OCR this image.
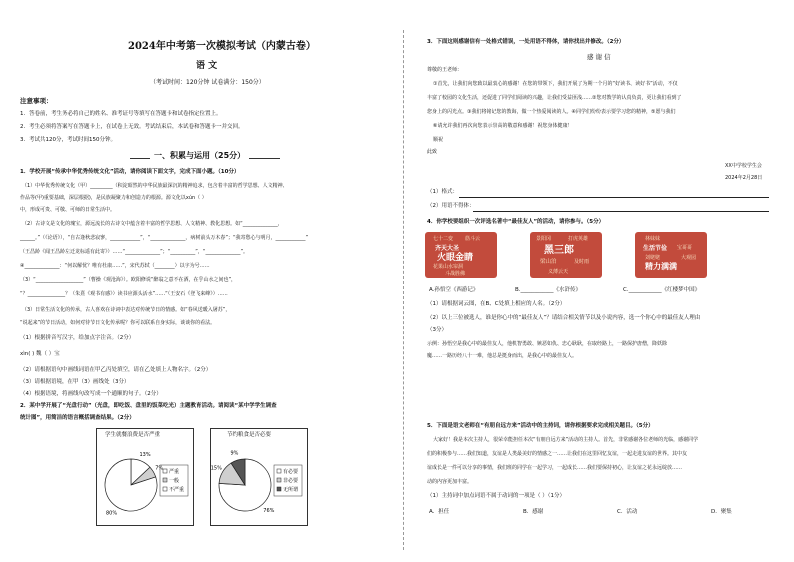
2024年中考第一次模拟考试（内蒙古卷）
语 文
（考试时间：120分钟 试卷满分：150分）
注意事项：
1．答卷前，考生务必将自己的姓名、准考证号等填写在答题卡和试卷指定位置上。
2．考生必须将答案写在答题卡上，在试卷上无效。考试结束后，本试卷和答题卡一并交回。
3．考试共120分，考试时间150分钟。
一、积累与运用（25分）
1．学校开展“传承中华优秀传统文化”活动，请你阅读下面文字，完成下面小题。（10分）
（1）中华优秀传统文化（甲）_________（积淀昭然的中华民族最深沉的精神追求，包含着丰富的哲学思想、人文精神、
作品等(甲)重要基础，深层根据)，是民族凝聚力和创造力的根源。源文化以xún（ ）
中，形成可贵、可敬、可师的日常生活中。
（2）古诗文是文化的瑰宝，源远流长的古诗文中蕴含着丰富的哲学思想、人文精神、教化思想。如“______________，
______。”（《论语》），“自古逢秋悲寂寥，____________”，“______________，病树前头万木春”；“我寄愁心与明月，____________”
（王昌龄《闻王昌龄左迁龙标遥有此寄》）……“______________”；“__________”，“______________”。
④______________：“何以解忧？唯有杜康……”，宋代苏轼（________）以字为号……
（3）“___________________”（曹操《观沧海》）。欧阳修说“醉翁之意不在酒，在乎山水之间也”，
“？_______________？（朱熹《观书有感》）读书应源头活水”……“（王安石《登飞来峰》）……
（3）日常生活文化的传承，古人喜欢在诗词中表达对传统节日的情感。如“春风送暖入屠苏”，
“说起来”的节日活动，如何对待节日文化传承呢？你可以联系自身实际，谈谈你的看法。
（1）根据拼音写汉字，给加点字注音。（2分）
xìn( ) 魏（ ）宝
（2）请根据语句中画线词语在甲乙丙处填空，请在乙处填上人物名字。（2分）
（3）请根据语境，在甲（3）画线处（3分）
（4）根据语境，将画线句改写成一个通顺的句子。（2分）
2．某中学开展了“光盘行动”（光盘，即吃饭、盘里的饭菜吃光）主题教育活动。请阅读“某中学学生调查
统计图”，用简洁的语言概括调查结果。（2分）
学生就餐浪费是否严重
13%
7%
80%
严重
一般
不严重
节约粮食是否必要
76%
15%
9%
有必要
非必要
无所谓
3．下面这则感谢信有一处格式错误，一处用语不得体，请你找出并修改。（2分）
感 谢 信
尊敬的王老师：
①首先，让我们向您致以最衷心的感谢！在您的带领下，我们开展了为期一个月的“好读书、读好书”活动，不仅
丰富了校园的文化生活，还促进了同学们阅读的兴趣，让我们受益匪浅……②您对教学的认真负责，更让我们看到了
您身上的闪光点。③我们将铭记您的教诲，做一个热爱阅读的人。④同学们纷纷表示要学习您的精神，⑤愿与我们
⑥请允许我们再次向您表示崇高的敬意和感谢！祝您身体健康！
顺祝
此致
XX中学校学生会
2024年2月28日
（1）格式：
（2）用语不得体：
4．你学校要组织一次评选名著中“最佳友人”的活动，请你参与。（5分）
七十二变 筋斗云
齐天大圣
火眼金睛
花果山水帘洞
斗战胜佛
景阳冈	打虎英雄
黑三郎
梁山泊	及时雨
义薄云天
林妹妹
生活节俭 宝哥哥
刘姥姥
精力满满
大观园
A.孙悟空《西游记》	B.____________《水浒传》	C.____________《红楼梦中国》
（1）请根据词云图，在B、C处填上相应的人名。（2分）
（2）以上三位被选人，谁是你心中的“最佳友人”？请结合相关情节以及小说内容，选一个你心中的最佳友人理由
（3分）
示例：孙悟空是我心中的最佳友人，他机智勇敢、嫉恶如仇、忠心耿耿，在取经路上，一路保护唐僧，降妖除
魔……一路历经八十一难，他总是挺身而出，是我心中的最佳友人。
5．下面是语文老师在“有朋自远方来”活动中的主持词，请你根据要求完成相关题目。（5分）
大家好！我是本次主持人，很荣幸能担任本次“有朋自远方来”活动的主持人。首先，非常感谢各位老师的光临，感谢同学
们的积极参与……我们知道，友谊是人类最美好的情感之一……让我们在这里回忆友谊，一起走进友谊的世界。其中友
谊成长是一件可以分享的事情，我们班的同学在一起学习，一起成长……我们要保持初心，让友谊之花永远绽放……
动的内容更加丰富。
（1）主持词中加点词语不属于动词的一项是（ ）（1分）
A．担任	B．感谢	C．活动	D．聚集
